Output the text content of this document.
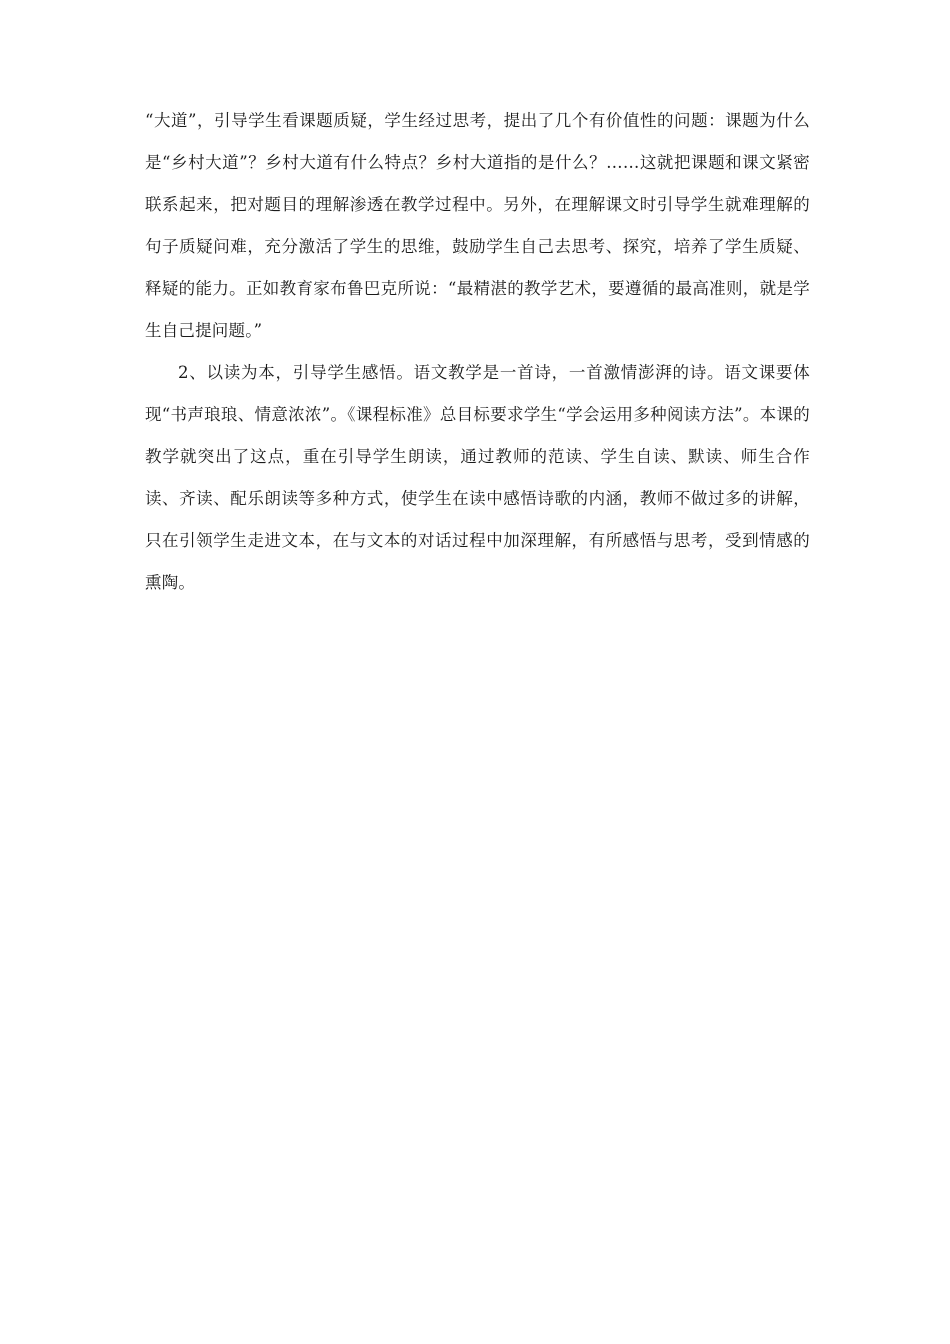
“大道”，引导学生看课题质疑，学生经过思考，提出了几个有价值性的问题：课题为什么是“乡村大道”？乡村大道有什么特点？乡村大道指的是什么？……这就把课题和课文紧密联系起来，把对题目的理解渗透在教学过程中。另外，在理解课文时引导学生就难理解的句子质疑问难，充分激活了学生的思维，鼓励学生自己去思考、探究，培养了学生质疑、释疑的能力。正如教育家布鲁巴克所说：“最精湛的教学艺术，要遵循的最高准则，就是学生自己提问题。”

2、以读为本，引导学生感悟。语文教学是一首诗，一首激情澎湃的诗。语文课要体现“书声琅琅、情意浓浓”。《课程标准》总目标要求学生“学会运用多种阅读方法”。本课的教学就突出了这点，重在引导学生朗读，通过教师的范读、学生自读、默读、师生合作读、齐读、配乐朗读等多种方式，使学生在读中感悟诗歌的内涵，教师不做过多的讲解，只在引领学生走进文本，在与文本的对话过程中加深理解，有所感悟与思考，受到情感的熏陶。
